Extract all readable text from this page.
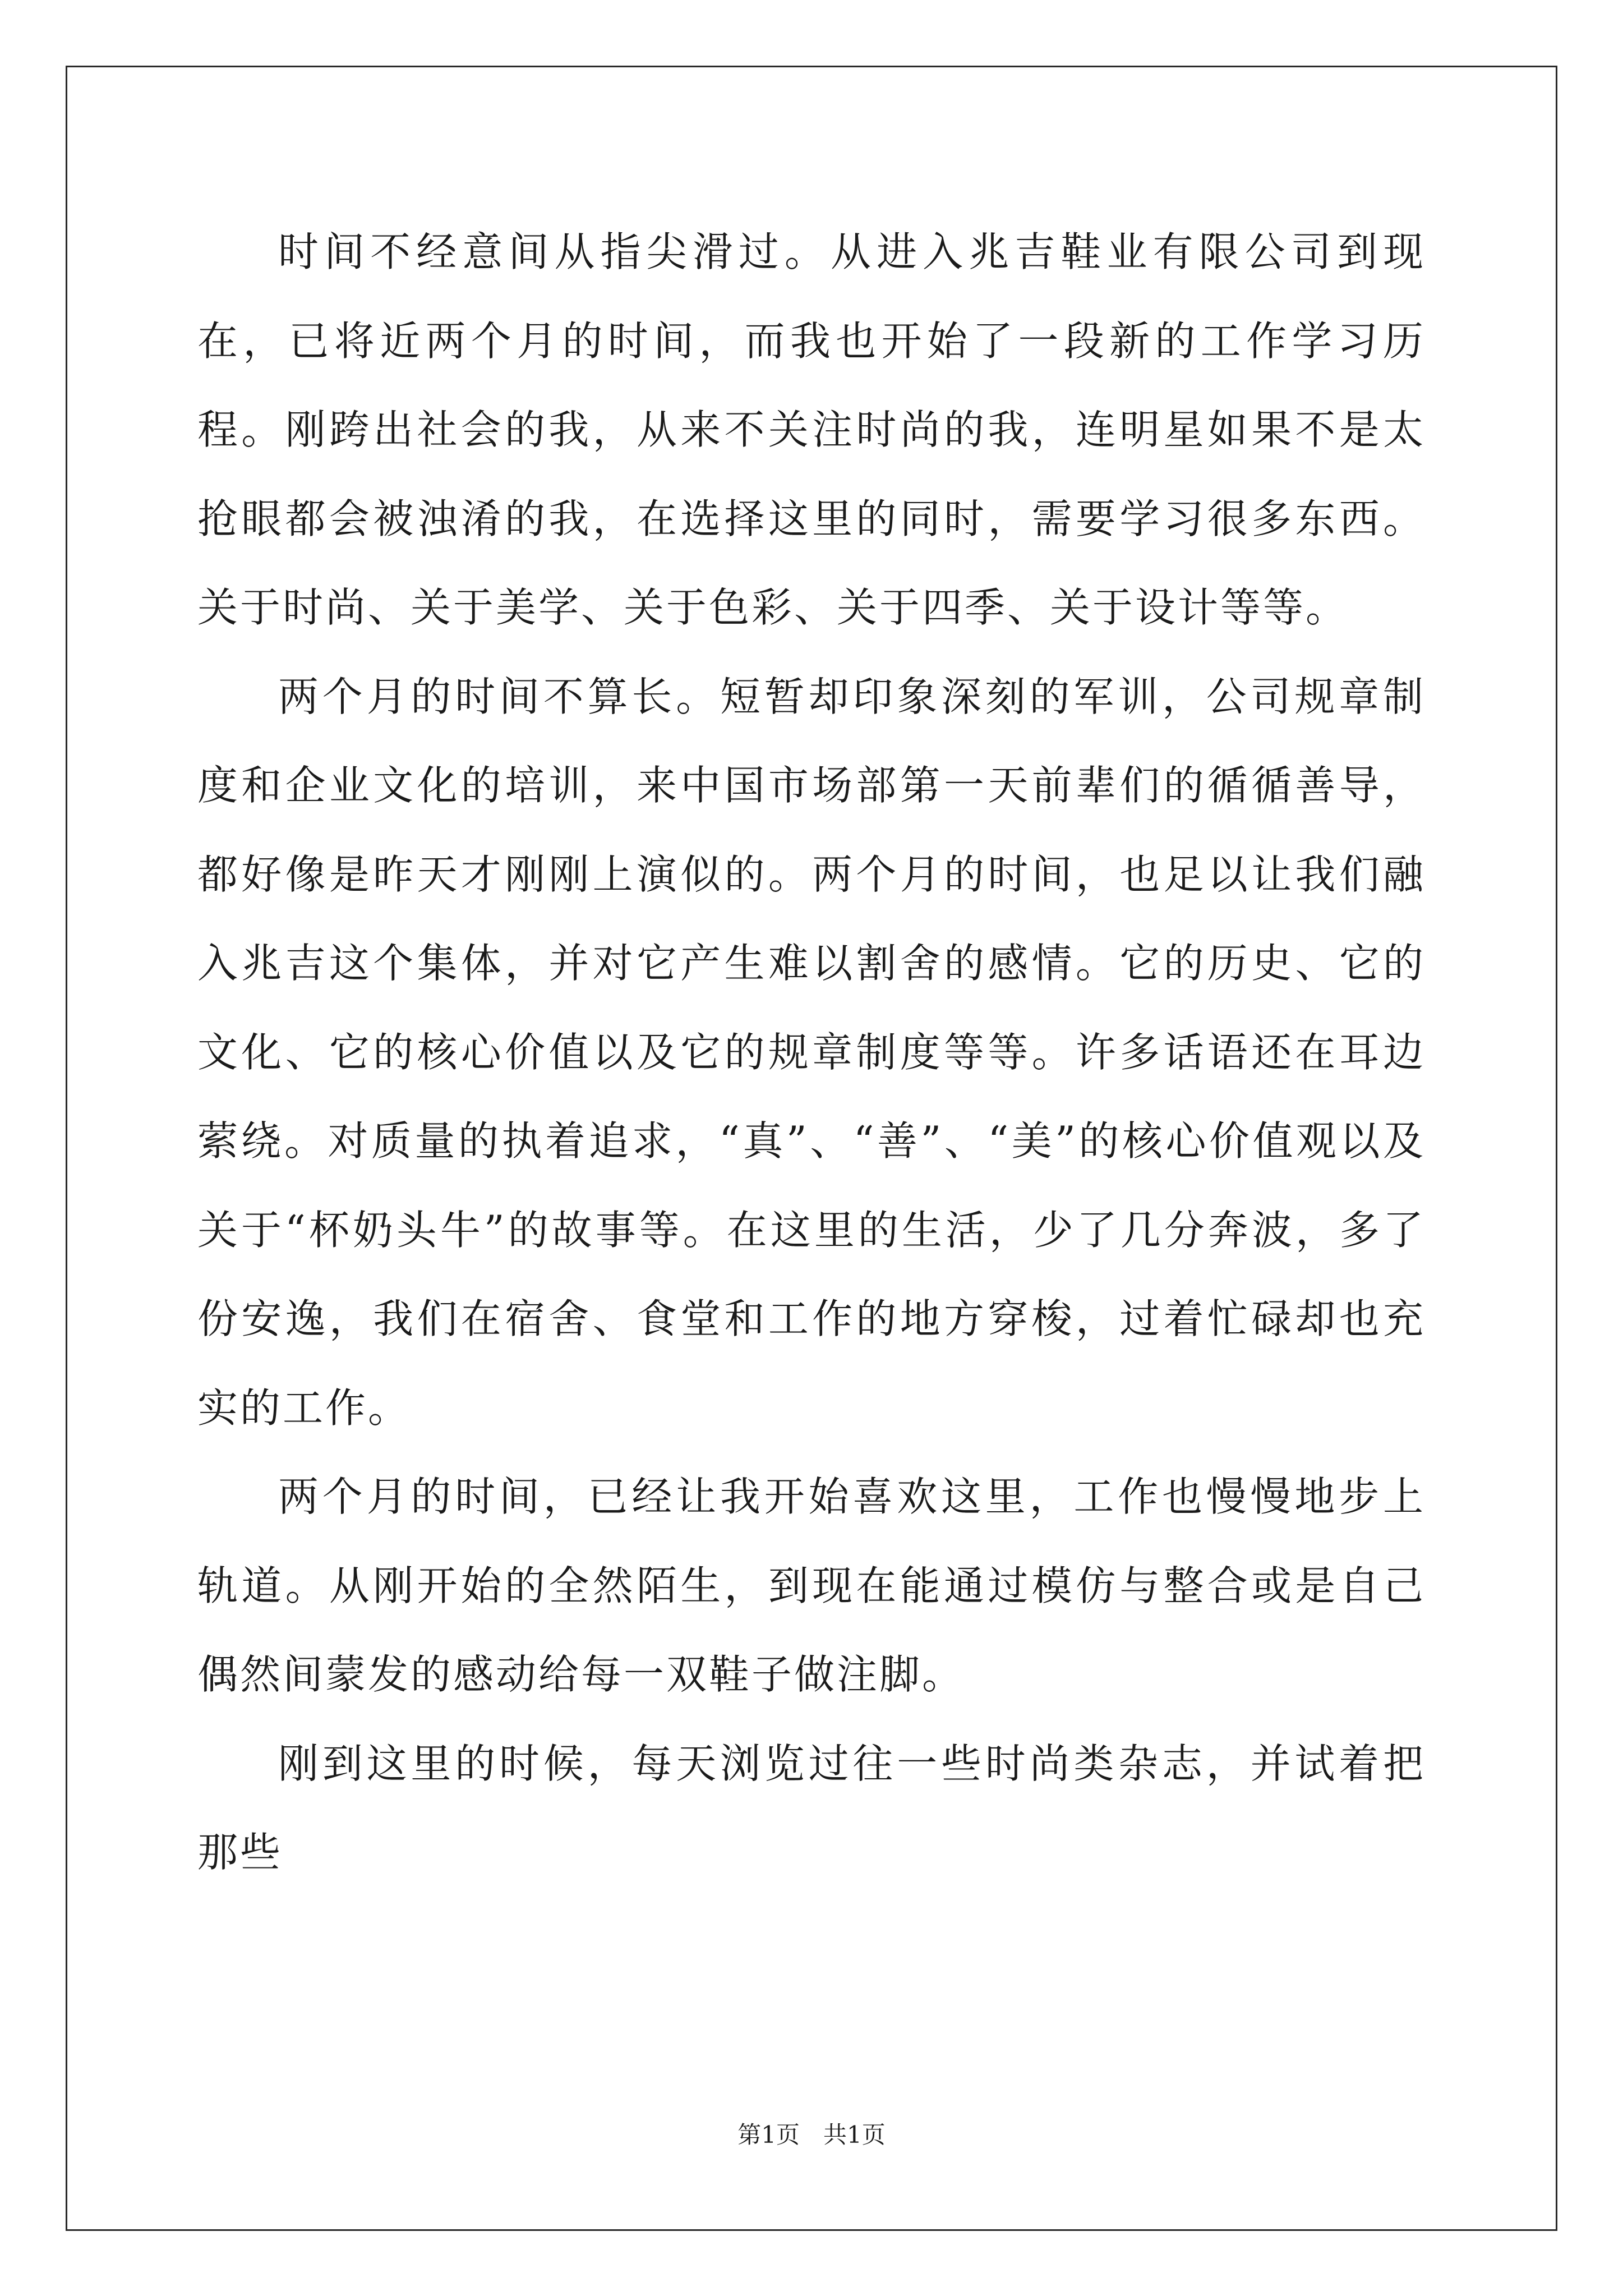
时间不经意间从指尖滑过。从进入兆吉鞋业有限公司到现在，已将近两个月的时间，而我也开始了一段新的工作学习历程。刚跨出社会的我，从来不关注时尚的我，连明星如果不是太抢眼都会被浊淆的我，在选择这里的同时，需要学习很多东西。关于时尚、关于美学、关于色彩、关于四季、关于设计等等。

两个月的时间不算长。短暂却印象深刻的军训，公司规章制度和企业文化的培训，来中国市场部第一天前辈们的循循善导，都好像是昨天才刚刚上演似的。两个月的时间，也足以让我们融入兆吉这个集体，并对它产生难以割舍的感情。它的历史、它的文化、它的核心价值以及它的规章制度等等。许多话语还在耳边萦绕。对质量的执着追求，“真”、“善”、“美”的核心价值观以及关于“杯奶头牛”的故事等。在这里的生活，少了几分奔波，多了份安逸，我们在宿舍、食堂和工作的地方穿梭，过着忙碌却也充实的工作。

两个月的时间，已经让我开始喜欢这里，工作也慢慢地步上轨道。从刚开始的全然陌生，到现在能通过模仿与整合或是自己偶然间蒙发的感动给每一双鞋子做注脚。

刚到这里的时候，每天浏览过往一些时尚类杂志，并试着把那些

第1页　共1页
